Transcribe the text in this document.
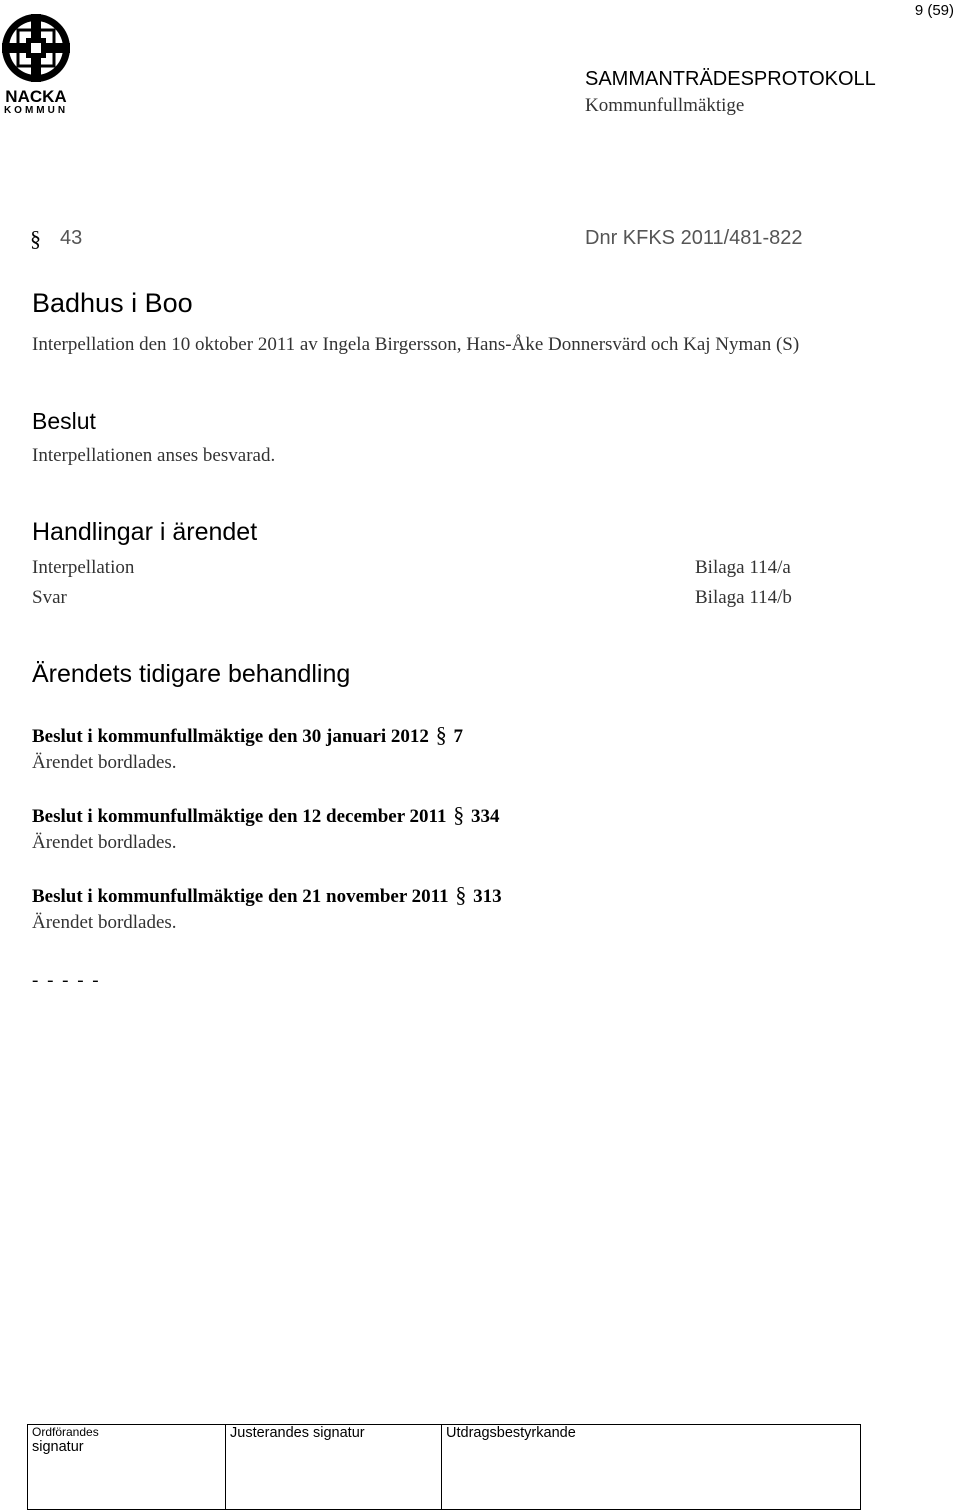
9 (59)
NACKA
KOMMUN
SAMMANTRÄDESPROTOKOLL
Kommunfullmäktige
§ 43	Dnr KFKS 2011/481-822
Badhus i Boo
Interpellation den 10 oktober 2011 av Ingela Birgersson, Hans-Åke Donnersvärd och Kaj Nyman (S)
Beslut
Interpellationen anses besvarad.
Handlingar i ärendet
Interpellation	Bilaga 114/a
Svar	Bilaga 114/b
Ärendets tidigare behandling
Beslut i kommunfullmäktige den 30 januari 2012 § 7
Ärendet bordlades.
Beslut i kommunfullmäktige den 12 december 2011 § 334
Ärendet bordlades.
Beslut i kommunfullmäktige den 21 november 2011 § 313
Ärendet bordlades.
- - - - -
Ordförandes
signatur

Justerandes signatur	Utdragsbestyrkande
